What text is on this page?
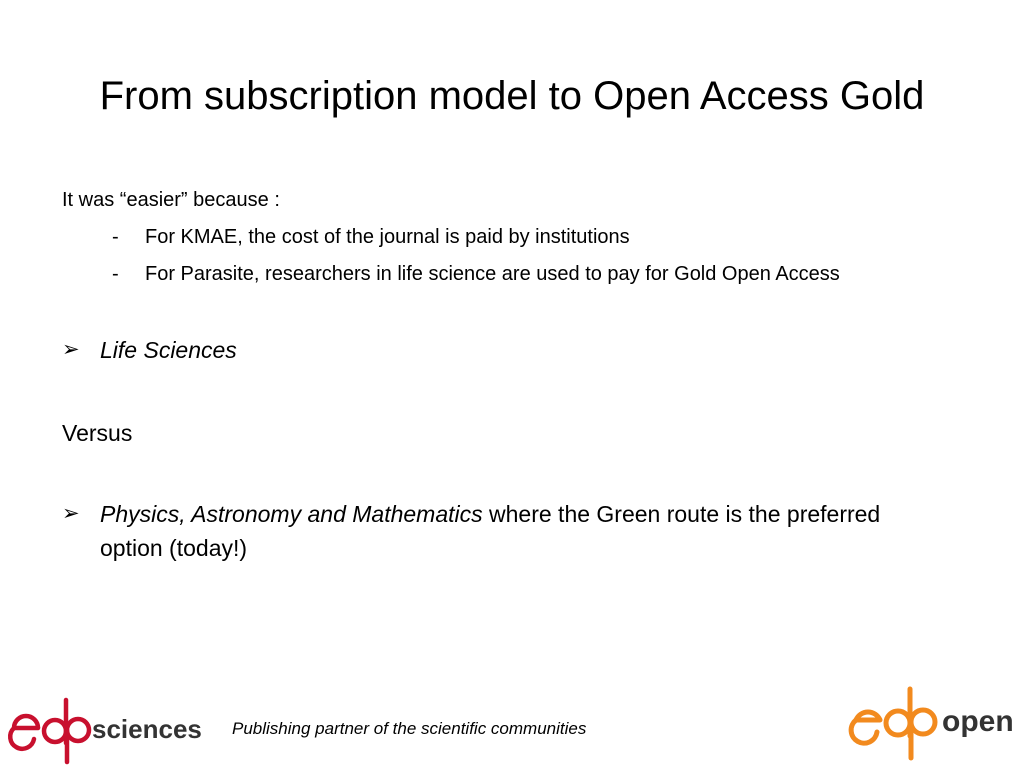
From subscription model to Open Access Gold
It was “easier” because :
- For KMAE, the cost of the journal is paid by institutions
- For Parasite, researchers in life science are used to pay for Gold Open Access
➢ Life Sciences
Versus
➢ Physics, Astronomy and Mathematics where the Green route is the preferred option (today!)
sciences Publishing partner of the scientific communities	open
